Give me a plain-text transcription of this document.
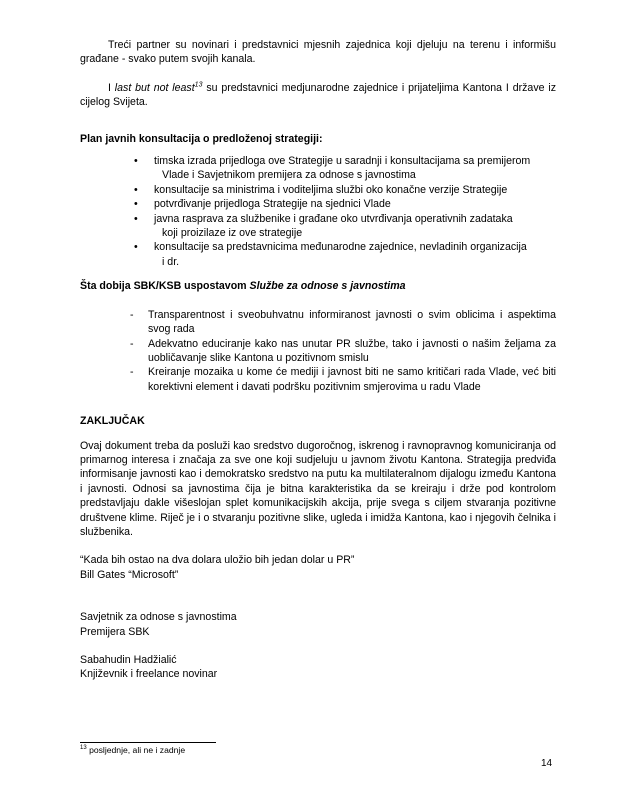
Treći partner su novinari i predstavnici mjesnih zajednica koji djeluju na terenu i informišu građane - svako putem svojih kanala.

I last but not least$^{13}$ su predstavnici medjunarodne zajednice i prijateljima Kantona I države iz cijelog Svijeta.

Plan javnih konsultacija o predloženoj strategiji:

• timska izrada prijedloga ove Strategije u saradnji i konsultacijama sa premijerom
Vlade i Savjetnikom premijera za odnose s javnostima
• konsultacije sa ministrima i voditeljima službi oko konačne verzije Strategije
• potvrđivanje prijedloga Strategije na sjednici Vlade
• javna rasprava za službenike i građane oko utvrđivanja operativnih zadataka
koji proizilaze iz ove strategije
• konsultacije sa predstavnicima međunarodne zajednice, nevladinih organizacija
i dr.

Šta dobija SBK/KSB uspostavom Službe za odnose s javnostima

- Transparentnost i sveobuhvatnu informiranost javnosti o svim oblicima i aspektima svog rada
- Adekvatno educiranje kako nas unutar PR službe, tako i javnosti o našim željama za uobličavanje slike Kantona u pozitivnom smislu
- Kreiranje mozaika u kome će mediji i javnost biti ne samo kritičari rada Vlade, već biti korektivni element i davati podršku pozitivnim smjerovima u radu Vlade

ZAKLJUČAK

Ovaj dokument treba da posluži kao sredstvo dugoročnog, iskrenog i ravnopravnog komuniciranja od primarnog interesa i značaja za sve one koji sudjeluju u javnom životu Kantona. Strategija predviđa informisanje javnosti kao i demokratsko sredstvo na putu ka multilateralnom dijalogu između Kantona i javnosti. Odnosi sa javnostima čija je bitna karakteristika da se kreiraju i drže pod kontrolom predstavljaju dakle višeslojan splet komunikacijskih akcija, prije svega s ciljem stvaranja pozitivne društvene klime. Riječ je i o stvaranju pozitivne slike, ugleda i imidža Kantona, kao i njegovih čelnika i službenika.

“Kada bih ostao na dva dolara uložio bih jedan dolar u PR”

Bill Gates “Microsoft”

Savjetnik za odnose s javnostima

Premijera SBK

Sabahudin Hadžialić

Književnik i freelance novinar

$^{13}$ posljednje, ali ne i zadnje
14
